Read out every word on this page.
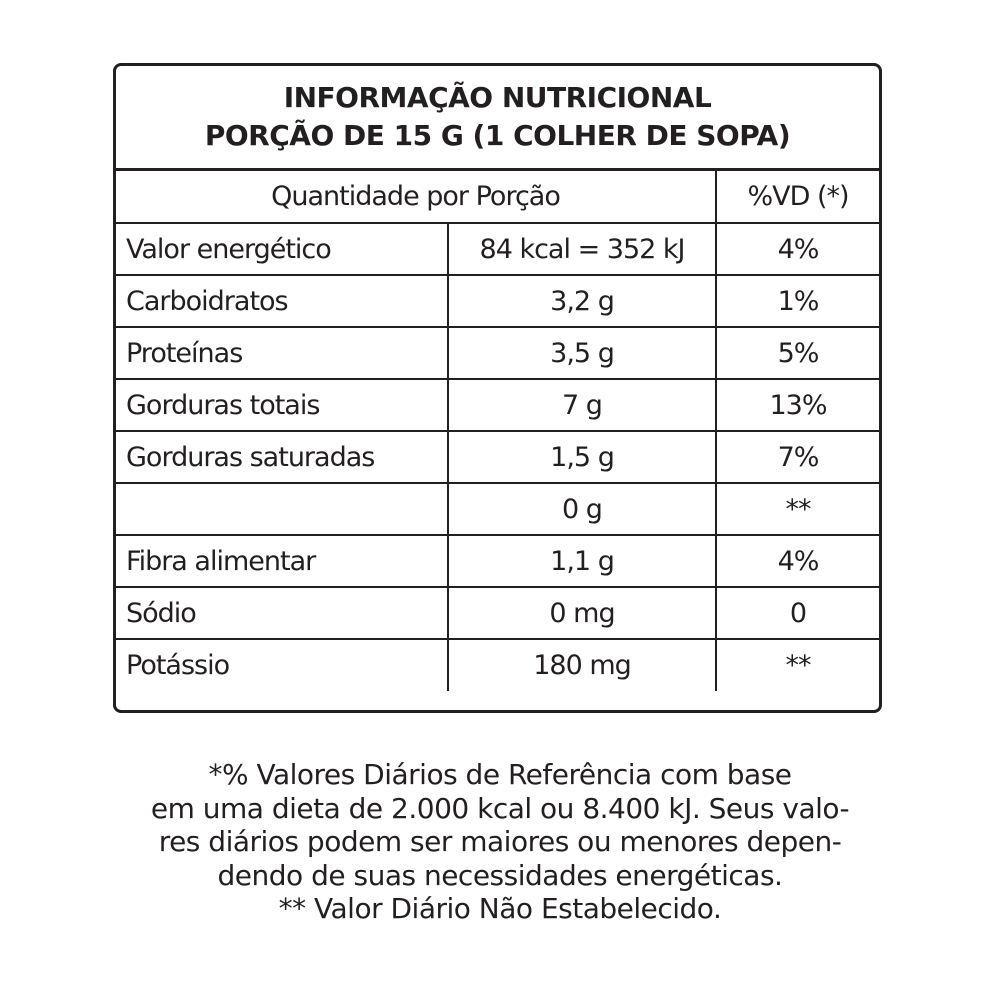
INFORMAÇÃO NUTRICIONAL
PORÇÃO DE 15 G (1 COLHER DE SOPA)
Quantidade por Porção		%VD (*)
Valor energético	84 kcal = 352 kJ	4%
Carboidratos	3,2 g	1%
Proteínas	3,5 g	5%
Gorduras totais	7 g	13%
Gorduras saturadas	1,5 g	7%
	0 g	**
Fibra alimentar	1,1 g	4%
Sódio	0 mg	0
Potássio	180 mg	**
*% Valores Diários de Referência com base
em uma dieta de 2.000 kcal ou 8.400 kJ. Seus valo-
res diários podem ser maiores ou menores depen-
dendo de suas necessidades energéticas.
** Valor Diário Não Estabelecido.
